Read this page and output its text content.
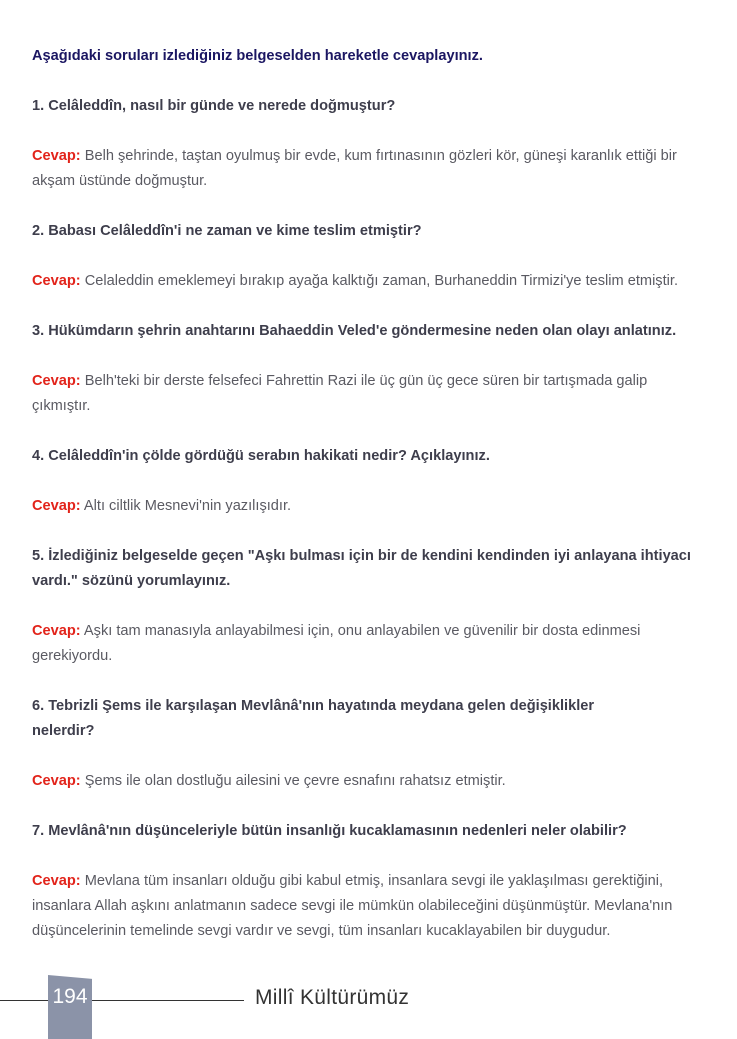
Aşağıdaki soruları izlediğiniz belgeselden hareketle cevaplayınız.

1. Celâleddîn, nasıl bir günde ve nerede doğmuştur?

Cevap: Belh şehrinde, taştan oyulmuş bir evde, kum fırtınasının gözleri kör, güneşi karanlık ettiği bir akşam üstünde doğmuştur.

2. Babası Celâleddîn'i ne zaman ve kime teslim etmiştir?

Cevap: Celaleddin emeklemeyi bırakıp ayağa kalktığı zaman, Burhaneddin Tirmizi'ye teslim etmiştir.

3. Hükümdarın şehrin anahtarını Bahaeddin Veled'e göndermesine neden olan olayı anlatınız.

Cevap: Belh'teki bir derste felsefeci Fahrettin Razi ile üç gün üç gece süren bir tartışmada galip çıkmıştır.

4. Celâleddîn'in çölde gördüğü serabın hakikati nedir? Açıklayınız.

Cevap: Altı ciltlik Mesnevi'nin yazılışıdır.

5. İzlediğiniz belgeselde geçen "Aşkı bulması için bir de kendini kendinden iyi anlayana ihtiyacı vardı." sözünü yorumlayınız.

Cevap: Aşkı tam manasıyla anlayabilmesi için, onu anlayabilen ve güvenilir bir dosta edinmesi gerekiyordu.

6. Tebrizli Şems ile karşılaşan Mevlânâ'nın hayatında meydana gelen değişiklikler
nelerdir?

Cevap: Şems ile olan dostluğu ailesini ve çevre esnafını rahatsız etmiştir.

7. Mevlânâ'nın düşünceleriyle bütün insanlığı kucaklamasının nedenleri neler olabilir?

Cevap: Mevlana tüm insanları olduğu gibi kabul etmiş, insanlara sevgi ile yaklaşılması gerektiğini, insanlara Allah aşkını anlatmanın sadece sevgi ile mümkün olabileceğini düşünmüştür. Mevlana'nın düşüncelerinin temelinde sevgi vardır ve sevgi, tüm insanları kucaklayabilen bir duygudur.

194	Millî Kültürümüz
